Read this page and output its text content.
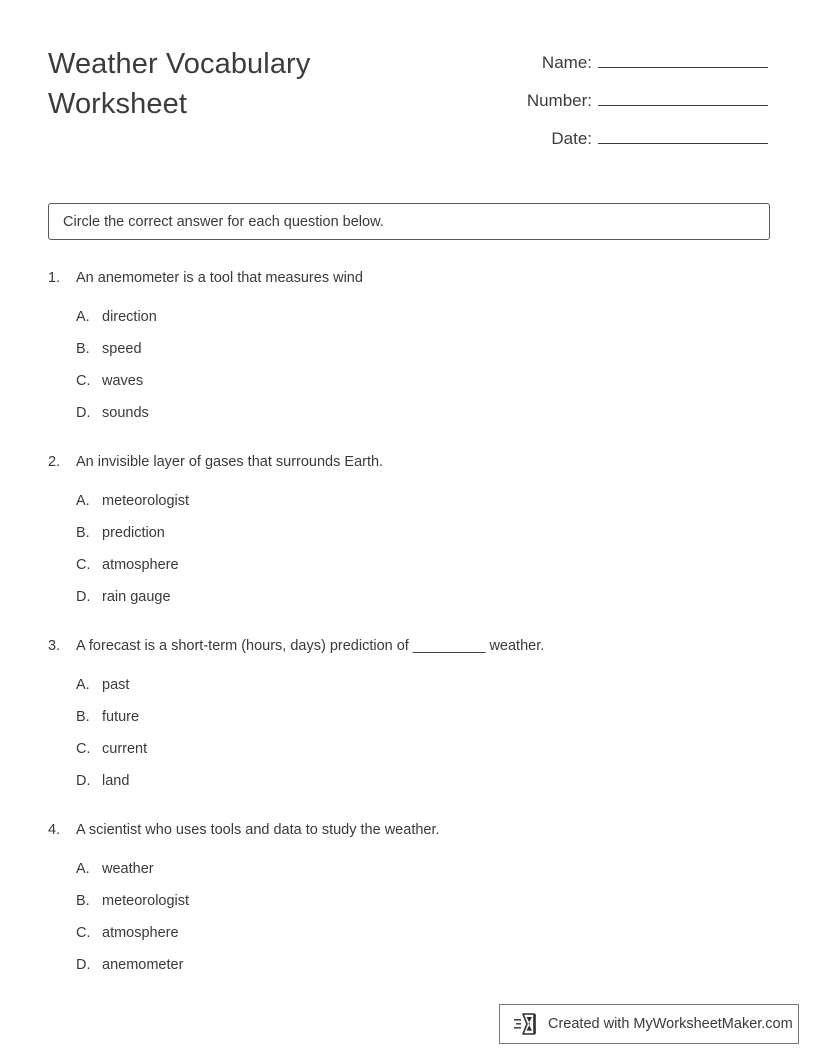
Weather Vocabulary Worksheet
Name:
Number:
Date:
Circle the correct answer for each question below.
1.	An anemometer is a tool that measures wind
A. direction
B. speed
C. waves
D. sounds
2.	An invisible layer of gases that surrounds Earth.
A. meteorologist
B. prediction
C. atmosphere
D. rain gauge
3.	A forecast is a short-term (hours, days) prediction of _________ weather.
A. past
B. future
C. current
D. land
4.	A scientist who uses tools and data to study the weather.
A. weather
B. meteorologist
C. atmosphere
D. anemometer
Created with MyWorksheetMaker.com
